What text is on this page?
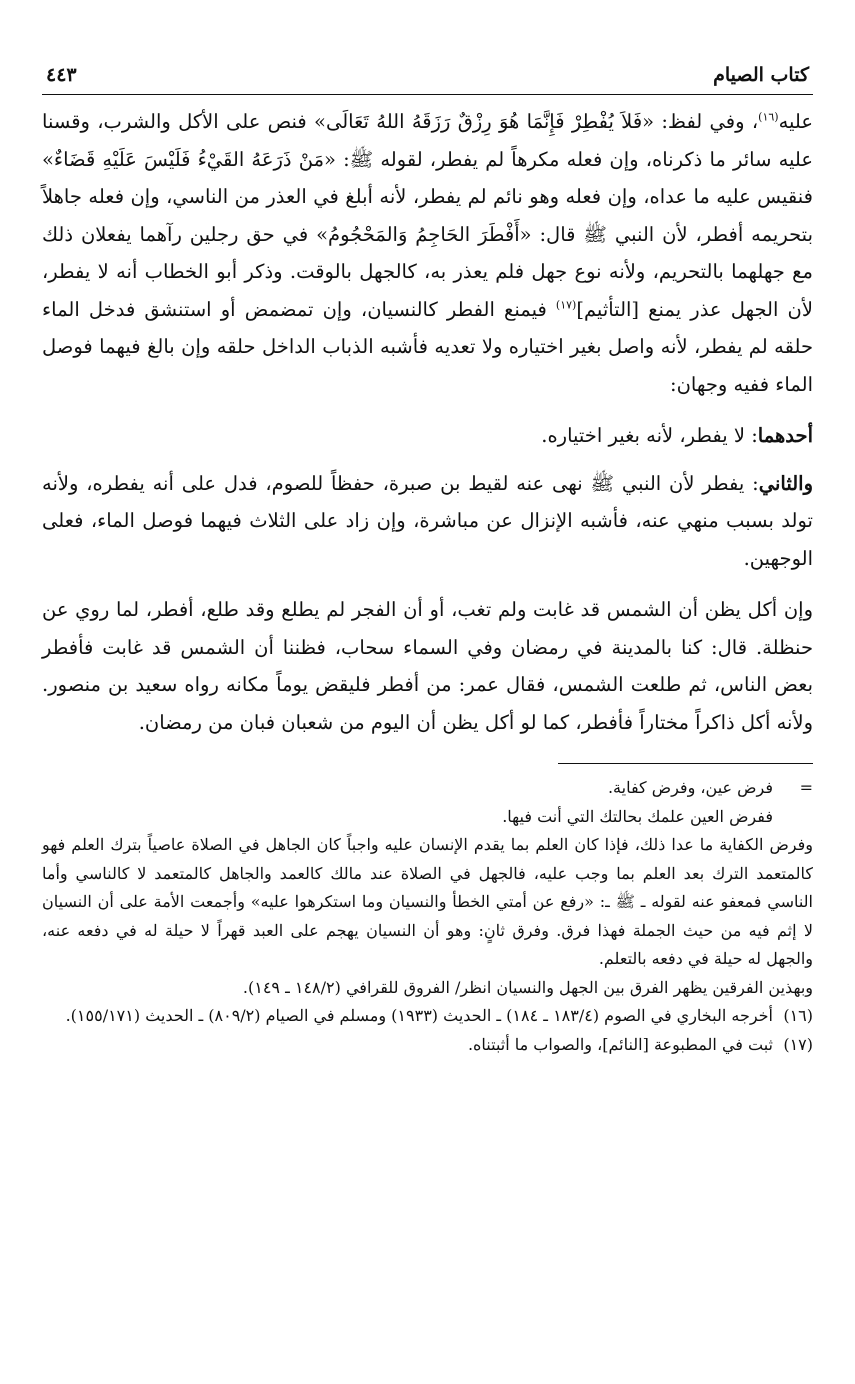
كتاب الصيام
٤٤٣

عليه$^{(١٦)}$، وفي لفظ: «فَلاَ يُفْطِرْ فَإِنَّمَا هُوَ رِزْقٌ رَزَقَهُ اللهُ تَعَالَى» فنص على الأكل والشرب، وقسنا عليه سائر ما ذكرناه، وإن فعله مكرهاً لم يفطر، لقوله ﷺ: «مَنْ ذَرَعَهُ القَيْءُ فَلَيْسَ عَلَيْهِ قَضَاءٌ» فنقيس عليه ما عداه، وإن فعله وهو نائم لم يفطر، لأنه أبلغ في العذر من الناسي، وإن فعله جاهلاً بتحريمه أفطر، لأن النبي ﷺ قال: «أَفْطَرَ الحَاجِمُ وَالمَحْجُومُ» في حق رجلين رآهما يفعلان ذلك مع جهلهما بالتحريم، ولأنه نوع جهل فلم يعذر به، كالجهل بالوقت. وذكر أبو الخطاب أنه لا يفطر، لأن الجهل عذر يمنع [التأثيم]$^{(١٧)}$ فيمنع الفطر كالنسيان، وإن تمضمض أو استنشق فدخل الماء حلقه لم يفطر، لأنه واصل بغير اختياره ولا تعديه فأشبه الذباب الداخل حلقه وإن بالغ فيهما فوصل الماء ففيه وجهان:

أحدهما: لا يفطر، لأنه بغير اختياره.

والثاني: يفطر لأن النبي ﷺ نهى عنه لقيط بن صبرة، حفظاً للصوم، فدل على أنه يفطره، ولأنه تولد بسبب منهي عنه، فأشبه الإنزال عن مباشرة، وإن زاد على الثلاث فيهما فوصل الماء، فعلى الوجهين.

وإن أكل يظن أن الشمس قد غابت ولم تغب، أو أن الفجر لم يطلع وقد طلع، أفطر، لما روي عن حنظلة. قال: كنا بالمدينة في رمضان وفي السماء سحاب، فظننا أن الشمس قد غابت فأفطر بعض الناس، ثم طلعت الشمس، فقال عمر: من أفطر فليقض يوماً مكانه رواه سعيد بن منصور. ولأنه أكل ذاكراً مختاراً فأفطر، كما لو أكل يظن أن اليوم من شعبان فبان من رمضان.

=
فرض عين، وفرض كفاية.
ففرض العين علمك بحالتك التي أنت فيها.
وفرض الكفاية ما عدا ذلك، فإذا كان العلم بما يقدم الإنسان عليه واجباً كان الجاهل في الصلاة عاصياً بترك العلم فهو كالمتعمد الترك بعد العلم بما وجب عليه، فالجهل في الصلاة عند مالك كالعمد والجاهل كالمتعمد لا كالناسي وأما الناسي فمعفو عنه لقوله ـ ﷺ ـ: «رفع عن أمتي الخطأ والنسيان وما استكرهوا عليه» وأجمعت الأمة على أن النسيان لا إثم فيه من حيث الجملة فهذا فرق. وفرق ثانٍ: وهو أن النسيان يهجم على العبد قهراً لا حيلة له في دفعه عنه، والجهل له حيلة في دفعه بالتعلم.
وبهذين الفرقين يظهر الفرق بين الجهل والنسيان انظر/ الفروق للقرافي (١٤٨/٢ ـ ١٤٩).
(١٦)
أخرجه البخاري في الصوم (١٨٣/٤ ـ ١٨٤) ـ الحديث (١٩٣٣) ومسلم في الصيام (٨٠٩/٢) ـ الحديث (١٥٥/١٧١).
(١٧)
ثبت في المطبوعة [النائم]، والصواب ما أثبتناه.
